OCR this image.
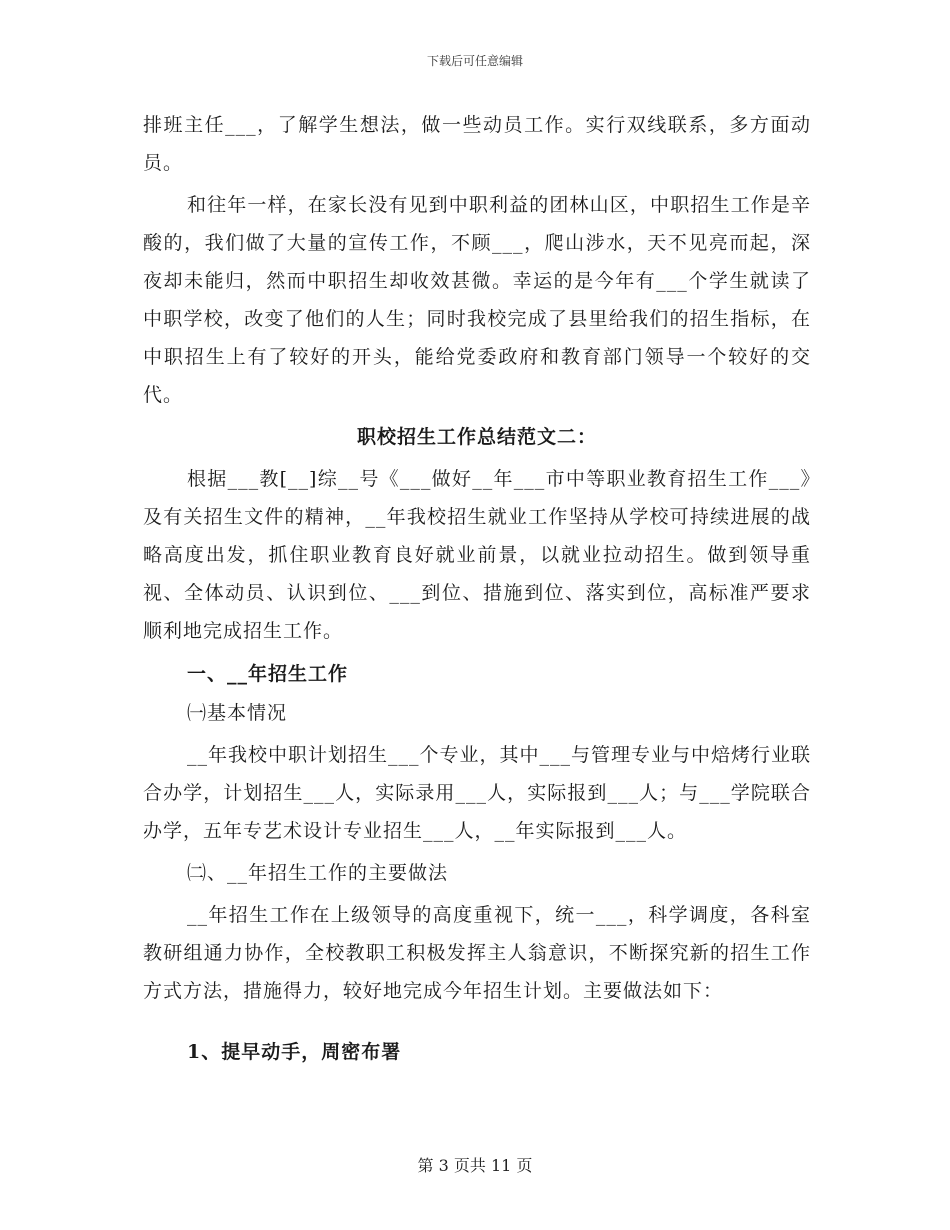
下载后可任意编辑

排班主任___，了解学生想法，做一些动员工作。实行双线联系，多方面动员。

和往年一样，在家长没有见到中职利益的团林山区，中职招生工作是辛酸的，我们做了大量的宣传工作，不顾___，爬山涉水，天不见亮而起，深夜却未能归，然而中职招生却收效甚微。幸运的是今年有___个学生就读了中职学校，改变了他们的人生；同时我校完成了县里给我们的招生指标，在中职招生上有了较好的开头，能给党委政府和教育部门领导一个较好的交代。

职校招生工作总结范文二：

根据___教[__]综__号《___做好__年___市中等职业教育招生工作___》及有关招生文件的精神，__年我校招生就业工作坚持从学校可持续进展的战略高度出发，抓住职业教育良好就业前景，以就业拉动招生。做到领导重视、全体动员、认识到位、___到位、措施到位、落实到位，高标准严要求顺利地完成招生工作。

一、__年招生工作

㈠基本情况

__年我校中职计划招生___个专业，其中___与管理专业与中焙烤行业联合办学，计划招生___人，实际录用___人，实际报到___人；与___学院联合办学，五年专艺术设计专业招生___人，__年实际报到___人。

㈡、__年招生工作的主要做法

__年招生工作在上级领导的高度重视下，统一___，科学调度，各科室教研组通力协作，全校教职工积极发挥主人翁意识，不断探究新的招生工作方式方法，措施得力，较好地完成今年招生计划。主要做法如下：

1、提早动手，周密布署

第 3 页共 11 页
